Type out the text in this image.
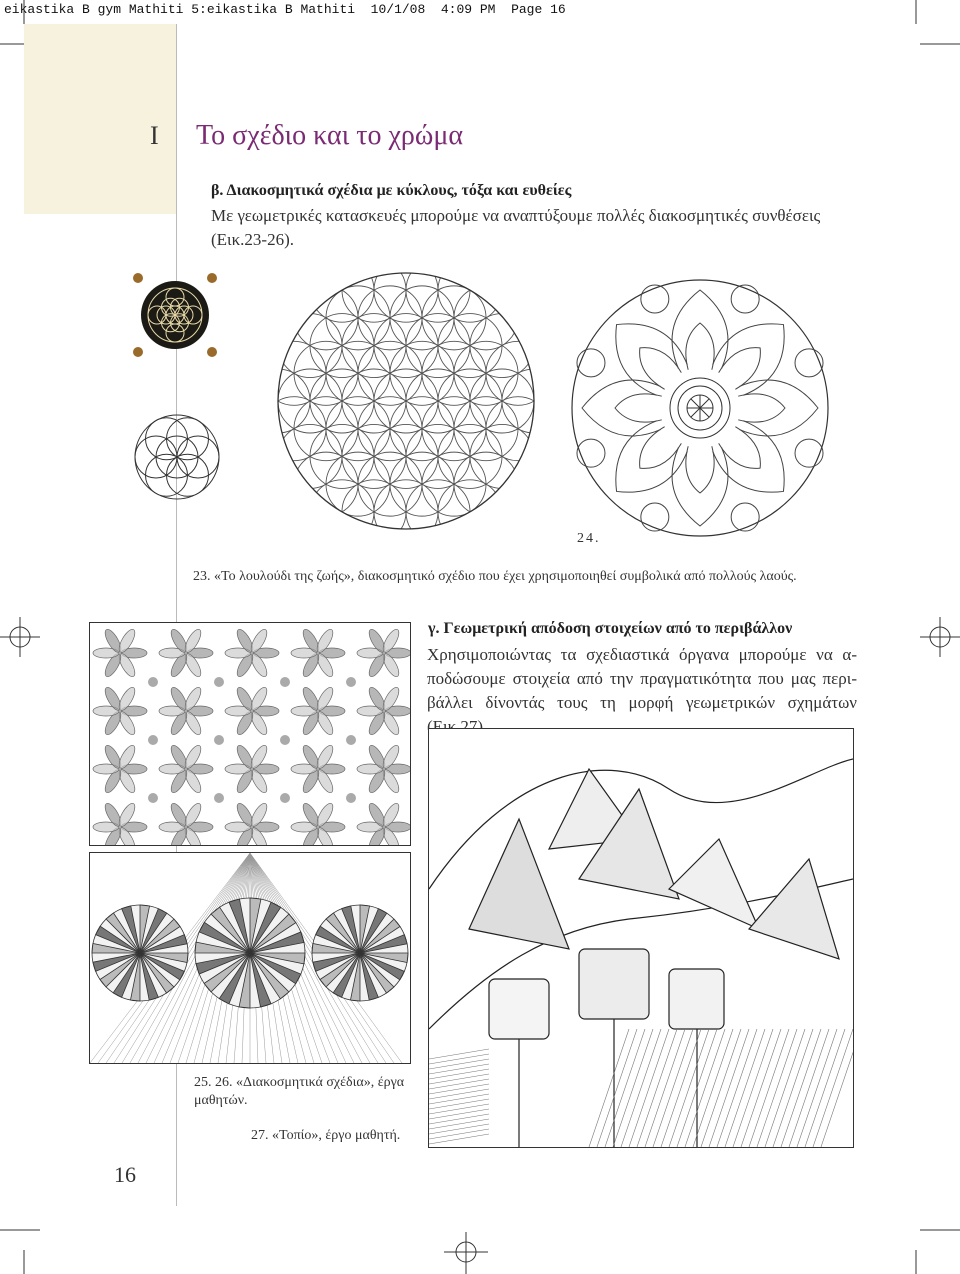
eikastika B gym Mathiti 5:eikastika B Mathiti  10/1/08  4:09 PM  Page 16
I Το σχέδιο και το χρώμα
β. Διακοσμητικά σχέδια με κύκλους, τόξα και ευθείες
Με γεωμετρικές κατασκευές μπορούμε να αναπτύξουμε πολλές διακοσμητικές συνθέσεις (Εικ.23-26).
24.
23. «Το λουλούδι της ζωής», διακοσμητικό σχέδιο που έχει χρησιμοποιηθεί συμβολικά από πολλούς λαούς.
γ. Γεωμετρική απόδοση στοιχείων από το περιβάλλον
Χρησιμοποιώντας τα σχεδιαστικά όργανα μπορούμε να α-ποδώσουμε στοιχεία από την πραγματικότητα που μας περι-βάλλει δίνοντάς τους τη μορφή γεωμετρικών σχημάτων (Εικ.27).
25. 26. «Διακοσμητικά σχέδια», έργα μαθητών.
27. «Τοπίο», έργο μαθητή.
16
